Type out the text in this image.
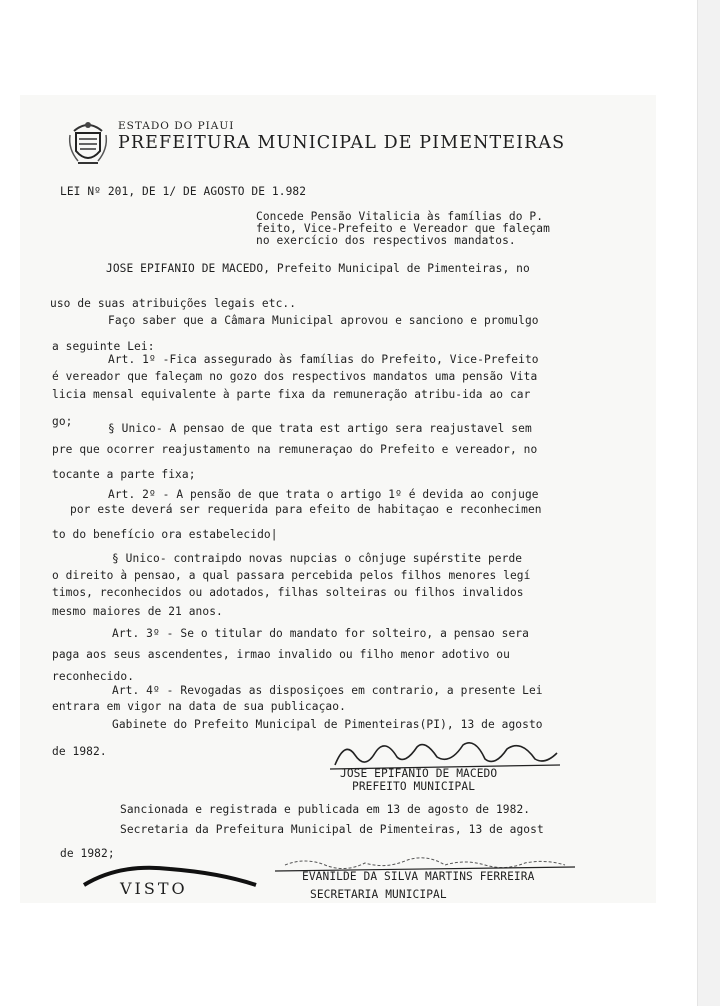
ESTADO DO PIAUI
PREFEITURA MUNICIPAL DE PIMENTEIRAS
LEI Nº 201, DE 1/ DE AGOSTO DE 1.982
Concede Pensão Vitalicia às famílias do P.
feito, Vice-Prefeito e Vereador que faleçam
no exercício dos respectivos mandatos.
JOSE EPIFANIO DE MACEDO, Prefeito Municipal de Pimenteiras, no
uso de suas atribuições legais etc..
Faço saber que a Câmara Municipal aprovou e sanciono e promulgo
a seguinte Lei:
Art. 1º -Fica assegurado às famílias do Prefeito, Vice-Prefeito
é vereador que faleçam no gozo dos respectivos mandatos uma pensão Vita
licia mensal equivalente à parte fixa da remuneração atribu-ida ao car
go;
§ Unico- A pensao de que trata est artigo sera reajustavel sem
pre que ocorrer reajustamento na remuneraçao do Prefeito e vereador, no
tocante a parte fixa;
Art. 2º - A pensão de que trata o artigo 1º é devida ao conjuge
por este deverá ser requerida para efeito de habitaçao e reconhecimen
to do benefício ora estabelecido|
§ Unico- contraipdo novas nupcias o cônjuge supérstite perde
o direito à pensao, a qual passara percebida pelos filhos menores legí
timos, reconhecidos ou adotados, filhas solteiras ou filhos invalidos
mesmo maiores de 21 anos.
Art. 3º - Se o titular do mandato for solteiro, a pensao sera
paga aos seus ascendentes, irmao invalido ou filho menor adotivo ou
reconhecido.
Art. 4º - Revogadas as disposiçoes em contrario, a presente Lei
entrara em vigor na data de sua publicaçao.
Gabinete do Prefeito Municipal de Pimenteiras(PI), 13 de agosto
de 1982.
JOSE EPIFANIO DE MACEDO
PREFEITO MUNICIPAL
Sancionada e registrada e publicada em 13 de agosto de 1982.
Secretaria da Prefeitura Municipal de Pimenteiras, 13 de agost
de 1982;
EVANILDE DA SILVA MARTINS FERREIRA
SECRETARIA MUNICIPAL
VISTO
